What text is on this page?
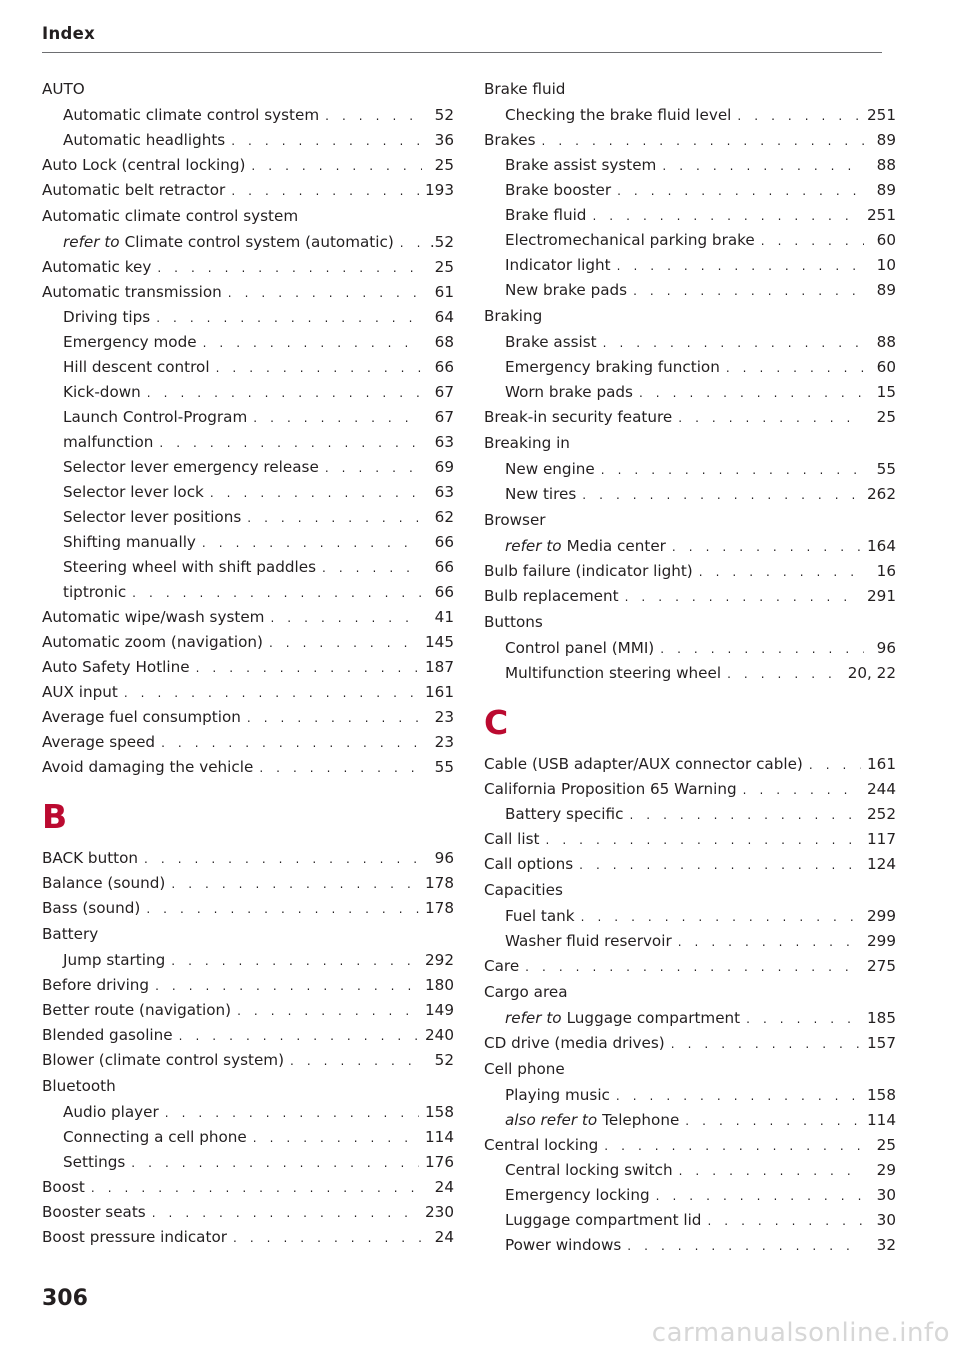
Index
AUTO
Automatic climate control system . . .	52
Automatic headlights . . .	36
Auto Lock (central locking) . . .	25
Automatic belt retractor . . .	193
Automatic climate control system
refer to Climate control system (automatic) . . . .52
Automatic key . . .	25
Automatic transmission . . .	61
Driving tips . . .	64
Emergency mode . . .	68
Hill descent control . . .	66
Kick-down . . .	67
Launch Control-Program . . .	67
malfunction . . .	63
Selector lever emergency release . . .	69
Selector lever lock . . .	63
Selector lever positions . . .	62
Shifting manually . . .	66
Steering wheel with shift paddles . . .	66
tiptronic . . .	66
Automatic wipe/wash system . . .	41
Automatic zoom (navigation) . . .	145
Auto Safety Hotline . . .	187
AUX input . . .	161
Average fuel consumption . . .	23
Average speed . . .	23
Avoid damaging the vehicle . . .	55
B
BACK button . . .	96
Balance (sound) . . .	178
Bass (sound) . . .	178
Battery
Jump starting . . .	292
Before driving . . .	180
Better route (navigation) . . .	149
Blended gasoline . . .	240
Blower (climate control system) . . .	52
Bluetooth
Audio player . . .	158
Connecting a cell phone . . .	114
Settings . . .	176
Boost . . .	24
Booster seats . . .	230
Boost pressure indicator . . .	24
Brake fluid
Checking the brake fluid level . . .	251
Brakes . . .	89
Brake assist system . . .	88
Brake booster . . .	89
Brake fluid . . .	251
Electromechanical parking brake . . .	60
Indicator light . . .	10
New brake pads . . .	89
Braking
Brake assist . . .	88
Emergency braking function . . .	60
Worn brake pads . . .	15
Break-in security feature . . .	25
Breaking in
New engine . . .	55
New tires . . .	262
Browser
refer to Media center . . .	164
Bulb failure (indicator light) . . .	16
Bulb replacement . . .	291
Buttons
Control panel (MMI) . . .	96
Multifunction steering wheel . . .	20, 22
C
Cable (USB adapter/AUX connector cable) . . .	161
California Proposition 65 Warning . . .	244
Battery specific . . .	252
Call list . . .	117
Call options . . .	124
Capacities
Fuel tank . . .	299
Washer fluid reservoir . . .	299
Care . . .	275
Cargo area
refer to Luggage compartment . . .	185
CD drive (media drives) . . .	157
Cell phone
Playing music . . .	158
also refer to Telephone . . .	114
Central locking . . .	25
Central locking switch . . .	29
Emergency locking . . .	30
Luggage compartment lid . . .	30
Power windows . . .	32
306
carmanualsonline.info
